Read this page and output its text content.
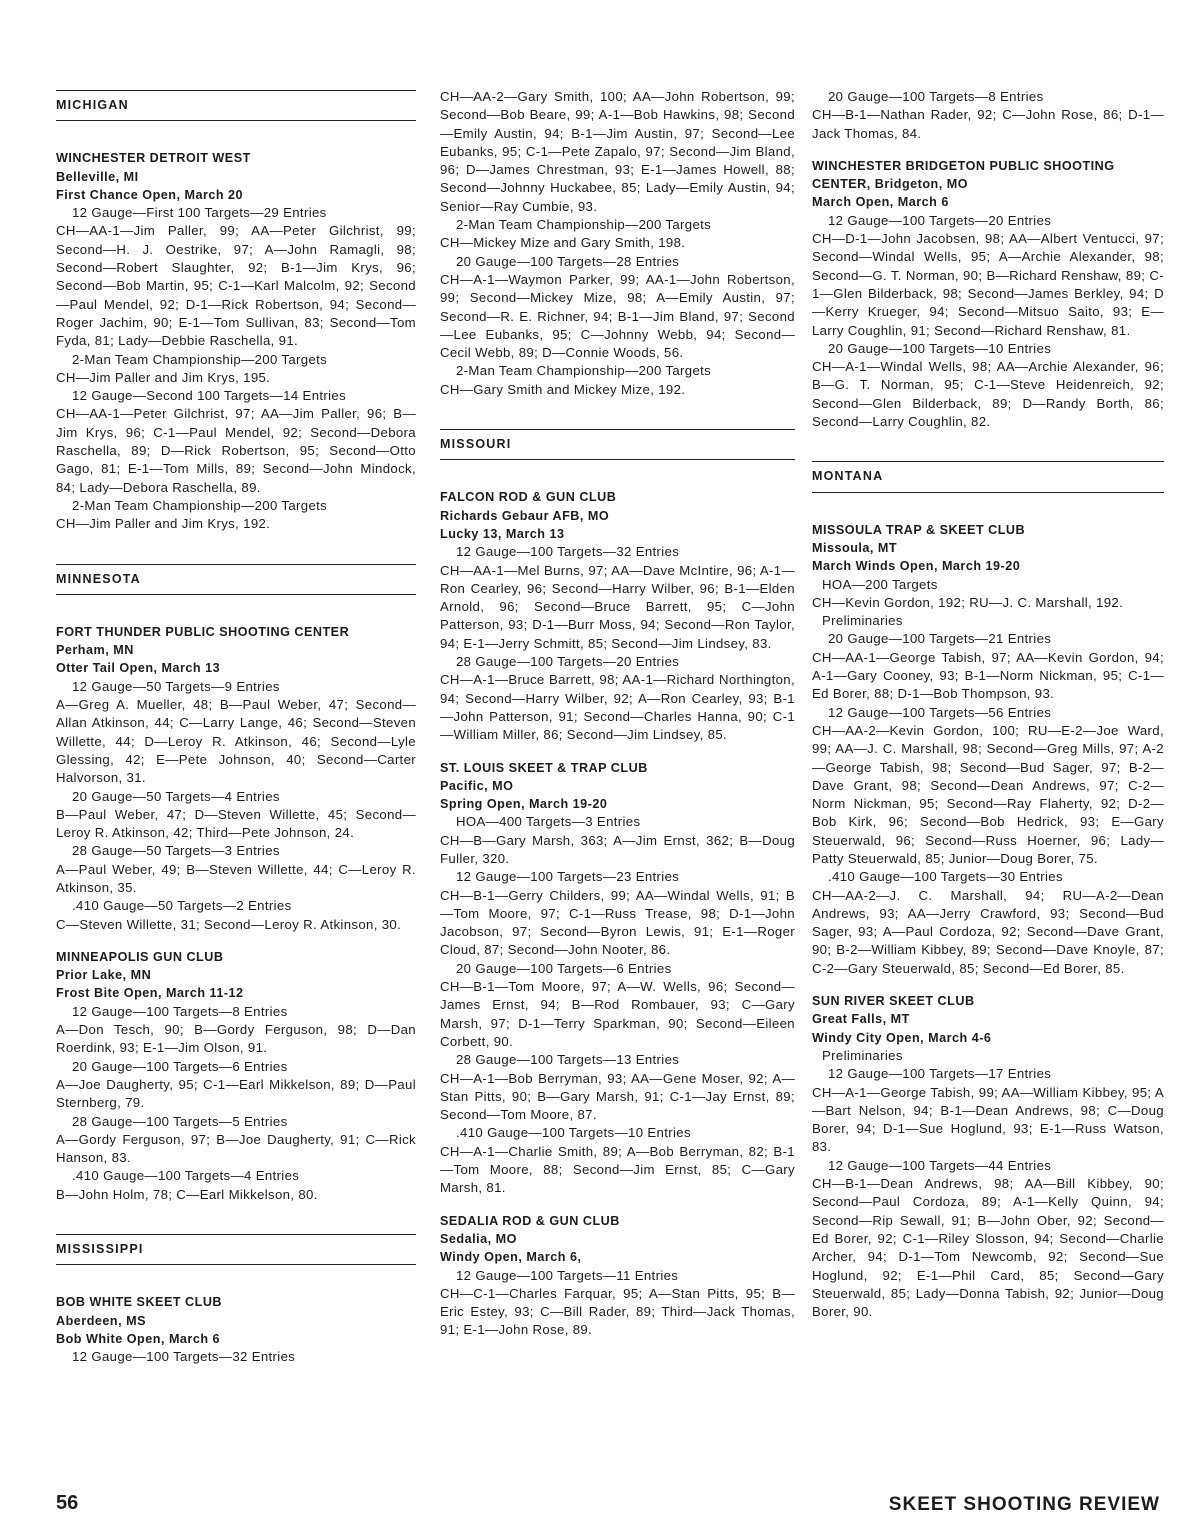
MICHIGAN
WINCHESTER DETROIT WEST
Belleville, MI
First Chance Open, March 20
12 Gauge—First 100 Targets—29 Entries
CH—AA-1—Jim Paller, 99; AA—Peter Gilchrist, 99; Second—H. J. Oestrike, 97; A—John Ramagli, 98; Second—Robert Slaughter, 92; B-1—Jim Krys, 96; Second—Bob Martin, 95; C-1—Karl Malcolm, 92; Second—Paul Mendel, 92; D-1—Rick Robertson, 94; Second—Roger Jachim, 90; E-1—Tom Sullivan, 83; Second—Tom Fyda, 81; Lady—Debbie Raschella, 91.
2-Man Team Championship—200 Targets
CH—Jim Paller and Jim Krys, 195.
12 Gauge—Second 100 Targets—14 Entries
CH—AA-1—Peter Gilchrist, 97; AA—Jim Paller, 96; B—Jim Krys, 96; C-1—Paul Mendel, 92; Second—Debora Raschella, 89; D—Rick Robertson, 95; Second—Otto Gago, 81; E-1—Tom Mills, 89; Second—John Mindock, 84; Lady—Debora Raschella, 89.
2-Man Team Championship—200 Targets
CH—Jim Paller and Jim Krys, 192.
MINNESOTA
FORT THUNDER PUBLIC SHOOTING CENTER
Perham, MN
Otter Tail Open, March 13
12 Gauge—50 Targets—9 Entries
A—Greg A. Mueller, 48; B—Paul Weber, 47; Second—Allan Atkinson, 44; C—Larry Lange, 46; Second—Steven Willette, 44; D—Leroy R. Atkinson, 46; Second—Lyle Glessing, 42; E—Pete Johnson, 40; Second—Carter Halvorson, 31.
20 Gauge—50 Targets—4 Entries
B—Paul Weber, 47; D—Steven Willette, 45; Second—Leroy R. Atkinson, 42; Third—Pete Johnson, 24.
28 Gauge—50 Targets—3 Entries
A—Paul Weber, 49; B—Steven Willette, 44; C—Leroy R. Atkinson, 35.
.410 Gauge—50 Targets—2 Entries
C—Steven Willette, 31; Second—Leroy R. Atkinson, 30.
MINNEAPOLIS GUN CLUB
Prior Lake, MN
Frost Bite Open, March 11-12
12 Gauge—100 Targets—8 Entries
A—Don Tesch, 90; B—Gordy Ferguson, 98; D—Dan Roerdink, 93; E-1—Jim Olson, 91.
20 Gauge—100 Targets—6 Entries
A—Joe Daugherty, 95; C-1—Earl Mikkelson, 89; D—Paul Sternberg, 79.
28 Gauge—100 Targets—5 Entries
A—Gordy Ferguson, 97; B—Joe Daugherty, 91; C—Rick Hanson, 83.
.410 Gauge—100 Targets—4 Entries
B—John Holm, 78; C—Earl Mikkelson, 80.
MISSISSIPPI
BOB WHITE SKEET CLUB
Aberdeen, MS
Bob White Open, March 6
12 Gauge—100 Targets—32 Entries
CH—AA-2—Gary Smith, 100; AA—John Robertson, 99; Second—Bob Beare, 99; A-1—Bob Hawkins, 98; Second—Emily Austin, 94; B-1—Jim Austin, 97; Second—Lee Eubanks, 95; C-1—Pete Zapalo, 97; Second—Jim Bland, 96; D—James Chrestman, 93; E-1—James Howell, 88; Second—Johnny Huckabee, 85; Lady—Emily Austin, 94; Senior—Ray Cumbie, 93.
2-Man Team Championship—200 Targets
CH—Mickey Mize and Gary Smith, 198.
20 Gauge—100 Targets—28 Entries
CH—A-1—Waymon Parker, 99; AA-1—John Robertson, 99; Second—Mickey Mize, 98; A—Emily Austin, 97; Second—R. E. Richner, 94; B-1—Jim Bland, 97; Second—Lee Eubanks, 95; C—Johnny Webb, 94; Second—Cecil Webb, 89; D—Connie Woods, 56.
2-Man Team Championship—200 Targets
CH—Gary Smith and Mickey Mize, 192.
MISSOURI
FALCON ROD & GUN CLUB
Richards Gebaur AFB, MO
Lucky 13, March 13
12 Gauge—100 Targets—32 Entries
CH—AA-1—Mel Burns, 97; AA—Dave McIntire, 96; A-1—Ron Cearley, 96; Second—Harry Wilber, 96; B-1—Elden Arnold, 96; Second—Bruce Barrett, 95; C—John Patterson, 93; D-1—Burr Moss, 94; Second—Ron Taylor, 94; E-1—Jerry Schmitt, 85; Second—Jim Lindsey, 83.
28 Gauge—100 Targets—20 Entries
CH—A-1—Bruce Barrett, 98; AA-1—Richard Northington, 94; Second—Harry Wilber, 92; A—Ron Cearley, 93; B-1—John Patterson, 91; Second—Charles Hanna, 90; C-1—William Miller, 86; Second—Jim Lindsey, 85.
ST. LOUIS SKEET & TRAP CLUB
Pacific, MO
Spring Open, March 19-20
HOA—400 Targets—3 Entries
CH—B—Gary Marsh, 363; A—Jim Ernst, 362; B—Doug Fuller, 320.
12 Gauge—100 Targets—23 Entries
CH—B-1—Gerry Childers, 99; AA—Windal Wells, 91; B—Tom Moore, 97; C-1—Russ Trease, 98; D-1—John Jacobson, 97; Second—Byron Lewis, 91; E-1—Roger Cloud, 87; Second—John Nooter, 86.
20 Gauge—100 Targets—6 Entries
CH—B-1—Tom Moore, 97; A—W. Wells, 96; Second—James Ernst, 94; B—Rod Rombauer, 93; C—Gary Marsh, 97; D-1—Terry Sparkman, 90; Second—Eileen Corbett, 90.
28 Gauge—100 Targets—13 Entries
CH—A-1—Bob Berryman, 93; AA—Gene Moser, 92; A—Stan Pitts, 90; B—Gary Marsh, 91; C-1—Jay Ernst, 89; Second—Tom Moore, 87.
.410 Gauge—100 Targets—10 Entries
CH—A-1—Charlie Smith, 89; A—Bob Berryman, 82; B-1—Tom Moore, 88; Second—Jim Ernst, 85; C—Gary Marsh, 81.
SEDALIA ROD & GUN CLUB
Sedalia, MO
Windy Open, March 6,
12 Gauge—100 Targets—11 Entries
CH—C-1—Charles Farquar, 95; A—Stan Pitts, 95; B—Eric Estey, 93; C—Bill Rader, 89; Third—Jack Thomas, 91; E-1—John Rose, 89.
20 Gauge—100 Targets—8 Entries
CH—B-1—Nathan Rader, 92; C—John Rose, 86; D-1—Jack Thomas, 84.
WINCHESTER BRIDGETON PUBLIC SHOOTING CENTER, Bridgeton, MO
March Open, March 6
12 Gauge—100 Targets—20 Entries
CH—D-1—John Jacobsen, 98; AA—Albert Ventucci, 97; Second—Windal Wells, 95; A—Archie Alexander, 98; Second—G. T. Norman, 90; B—Richard Renshaw, 89; C-1—Glen Bilderback, 98; Second—James Berkley, 94; D—Kerry Krueger, 94; Second—Mitsuo Saito, 93; E—Larry Coughlin, 91; Second—Richard Renshaw, 81.
20 Gauge—100 Targets—10 Entries
CH—A-1—Windal Wells, 98; AA—Archie Alexander, 96; B—G. T. Norman, 95; C-1—Steve Heidenreich, 92; Second—Glen Bilderback, 89; D—Randy Borth, 86; Second—Larry Coughlin, 82.
MONTANA
MISSOULA TRAP & SKEET CLUB
Missoula, MT
March Winds Open, March 19-20
HOA—200 Targets
CH—Kevin Gordon, 192; RU—J. C. Marshall, 192.
Preliminaries
20 Gauge—100 Targets—21 Entries
CH—AA-1—George Tabish, 97; AA—Kevin Gordon, 94; A-1—Gary Cooney, 93; B-1—Norm Nickman, 95; C-1—Ed Borer, 88; D-1—Bob Thompson, 93.
12 Gauge—100 Targets—56 Entries
CH—AA-2—Kevin Gordon, 100; RU—E-2—Joe Ward, 99; AA—J. C. Marshall, 98; Second—Greg Mills, 97; A-2—George Tabish, 98; Second—Bud Sager, 97; B-2—Dave Grant, 98; Second—Dean Andrews, 97; C-2—Norm Nickman, 95; Second—Ray Flaherty, 92; D-2—Bob Kirk, 96; Second—Bob Hedrick, 93; E—Gary Steuerwald, 96; Second—Russ Hoerner, 96; Lady—Patty Steuerwald, 85; Junior—Doug Borer, 75.
.410 Gauge—100 Targets—30 Entries
CH—AA-2—J. C. Marshall, 94; RU—A-2—Dean Andrews, 93; AA—Jerry Crawford, 93; Second—Bud Sager, 93; A—Paul Cordoza, 92; Second—Dave Grant, 90; B-2—William Kibbey, 89; Second—Dave Knoyle, 87; C-2—Gary Steuerwald, 85; Second—Ed Borer, 85.
SUN RIVER SKEET CLUB
Great Falls, MT
Windy City Open, March 4-6
Preliminaries
12 Gauge—100 Targets—17 Entries
CH—A-1—George Tabish, 99; AA—William Kibbey, 95; A—Bart Nelson, 94; B-1—Dean Andrews, 98; C—Doug Borer, 94; D-1—Sue Hoglund, 93; E-1—Russ Watson, 83.
12 Gauge—100 Targets—44 Entries
CH—B-1—Dean Andrews, 98; AA—Bill Kibbey, 90; Second—Paul Cordoza, 89; A-1—Kelly Quinn, 94; Second—Rip Sewall, 91; B—John Ober, 92; Second—Ed Borer, 92; C-1—Riley Slosson, 94; Second—Charlie Archer, 94; D-1—Tom Newcomb, 92; Second—Sue Hoglund, 92; E-1—Phil Card, 85; Second—Gary Steuerwald, 85; Lady—Donna Tabish, 92; Junior—Doug Borer, 90.
56	SKEET SHOOTING REVIEW
